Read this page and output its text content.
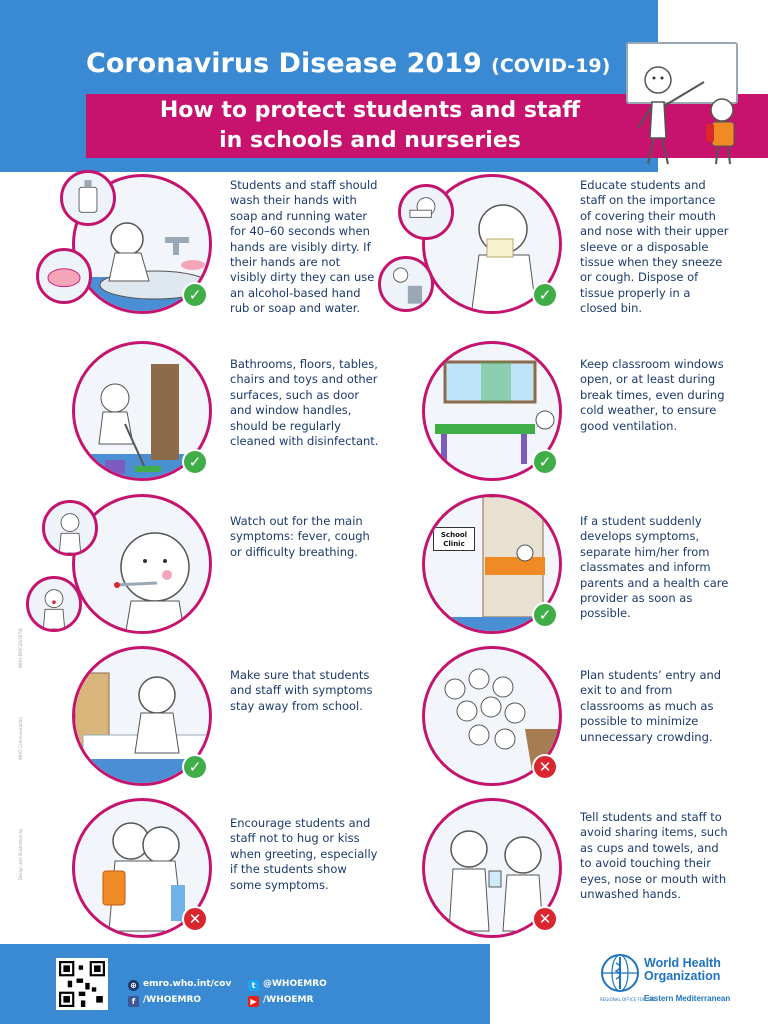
Coronavirus Disease 2019 (COVID-19)
How to protect students and staff
in schools and nurseries
✓
Students and staff should wash their hands with soap and running water for 40–60 seconds when hands are visibly dirty. If their hands are not visibly dirty they can use an alcohol-based hand rub or soap and water.
✓
Bathrooms, floors, tables, chairs and toys and other surfaces, such as door and window handles, should be regularly cleaned with disinfectant.
Watch out for the main symptoms: fever, cough or difficulty breathing.
✓
Make sure that students and staff with symptoms stay away from school.
✕
Encourage students and staff not to hug or kiss when greeting, especially if the students show some symptoms.
✓
Educate students and staff on the importance of covering their mouth and nose with their upper sleeve or a disposable tissue when they sneeze or cough. Dispose of tissue properly in a closed bin.
✓
Keep classroom windows open, or at least during break times, even during cold weather, to ensure good ventilation.
School
Clinic
✓
If a student suddenly develops symptoms, separate him/her from classmates and inform parents and a health care provider as soon as possible.
✕
Plan students’ entry and exit to and from classrooms as much as possible to minimize unnecessary crowding.
✕
Tell students and staff to avoid sharing items, such as cups and towels, and to avoid touching their eyes, nose or mouth with unwashed hands.
WHO-EM/CSR/267/E
WHO Communication
Design and illustration by
⊕ emro.who.int/cov
f /WHOEMRO
t @WHOEMRO
▶ /WHOEMR
World Health
Organization
REGIONAL OFFICE FOR THE
Eastern Mediterranean
